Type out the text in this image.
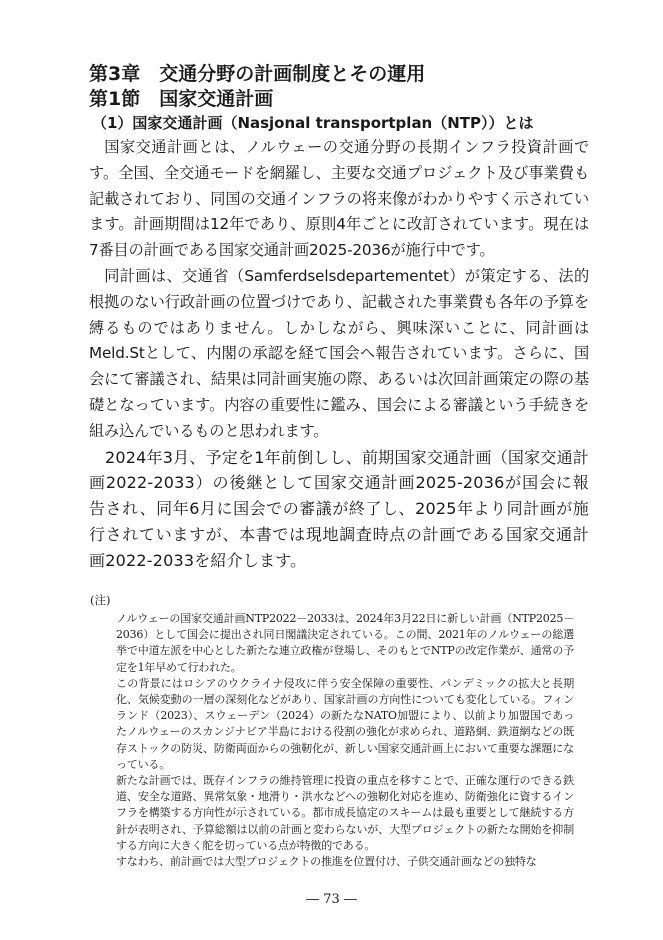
第3章　交通分野の計画制度とその運用
第1節　国家交通計画
（1）国家交通計画（Nasjonal transportplan（NTP））とは

国家交通計画とは、ノルウェーの交通分野の長期インフラ投資計画です。全国、全交通モードを網羅し、主要な交通プロジェクト及び事業費も記載されており、同国の交通インフラの将来像がわかりやすく示されています。計画期間は12年であり、原則4年ごとに改訂されています。現在は7番目の計画である国家交通計画2025-2036が施行中です。

同計画は、交通省（Samferdselsdepartementet）が策定する、法的根拠のない行政計画の位置づけであり、記載された事業費も各年の予算を縛るものではありません。しかしながら、興味深いことに、同計画はMeld.Stとして、内閣の承認を経て国会へ報告されています。さらに、国会にて審議され、結果は同計画実施の際、あるいは次回計画策定の際の基礎となっています。内容の重要性に鑑み、国会による審議という手続きを組み込んでいるものと思われます。

2024年3月、予定を1年前倒しし、前期国家交通計画（国家交通計画2022-2033）の後継として国家交通計画2025-2036が国会に報告され、同年6月に国会での審議が終了し、2025年より同計画が施行されていますが、本書では現地調査時点の計画である国家交通計画2022-2033を紹介します。

(注)

ノルウェーの国家交通計画NTP2022－2033は、2024年3月22日に新しい計画（NTP2025－2036）として国会に提出され同日閣議決定されている。この間、2021年のノルウェーの総選挙で中道左派を中心とした新たな連立政権が登場し、そのもとでNTPの改定作業が、通常の予定を1年早めて行われた。

この背景にはロシアのウクライナ侵攻に伴う安全保障の重要性、パンデミックの拡大と長期化、気候変動の一層の深刻化などがあり、国家計画の方向性についても変化している。フィンランド（2023）、スウェーデン（2024）の新たなNATO加盟により、以前より加盟国であったノルウェーのスカンジナビア半島における役割の強化が求められ、道路網、鉄道網などの既存ストックの防災、防衛両面からの強靭化が、新しい国家交通計画上において重要な課題になっている。

新たな計画では、既存インフラの維持管理に投資の重点を移すことで、正確な運行のできる鉄道、安全な道路、異常気象・地滑り・洪水などへの強靭化対応を進め、防衛強化に資するインフラを構築する方向性が示されている。都市成長協定のスキームは最も重要として継続する方針が表明され、予算総額は以前の計画と変わらないが、大型プロジェクトの新たな開始を抑制する方向に大きく舵を切っている点が特徴的である。

すなわち、前計画では大型プロジェクトの推進を位置付け、子供交通計画などの独特な

― 73 ―
